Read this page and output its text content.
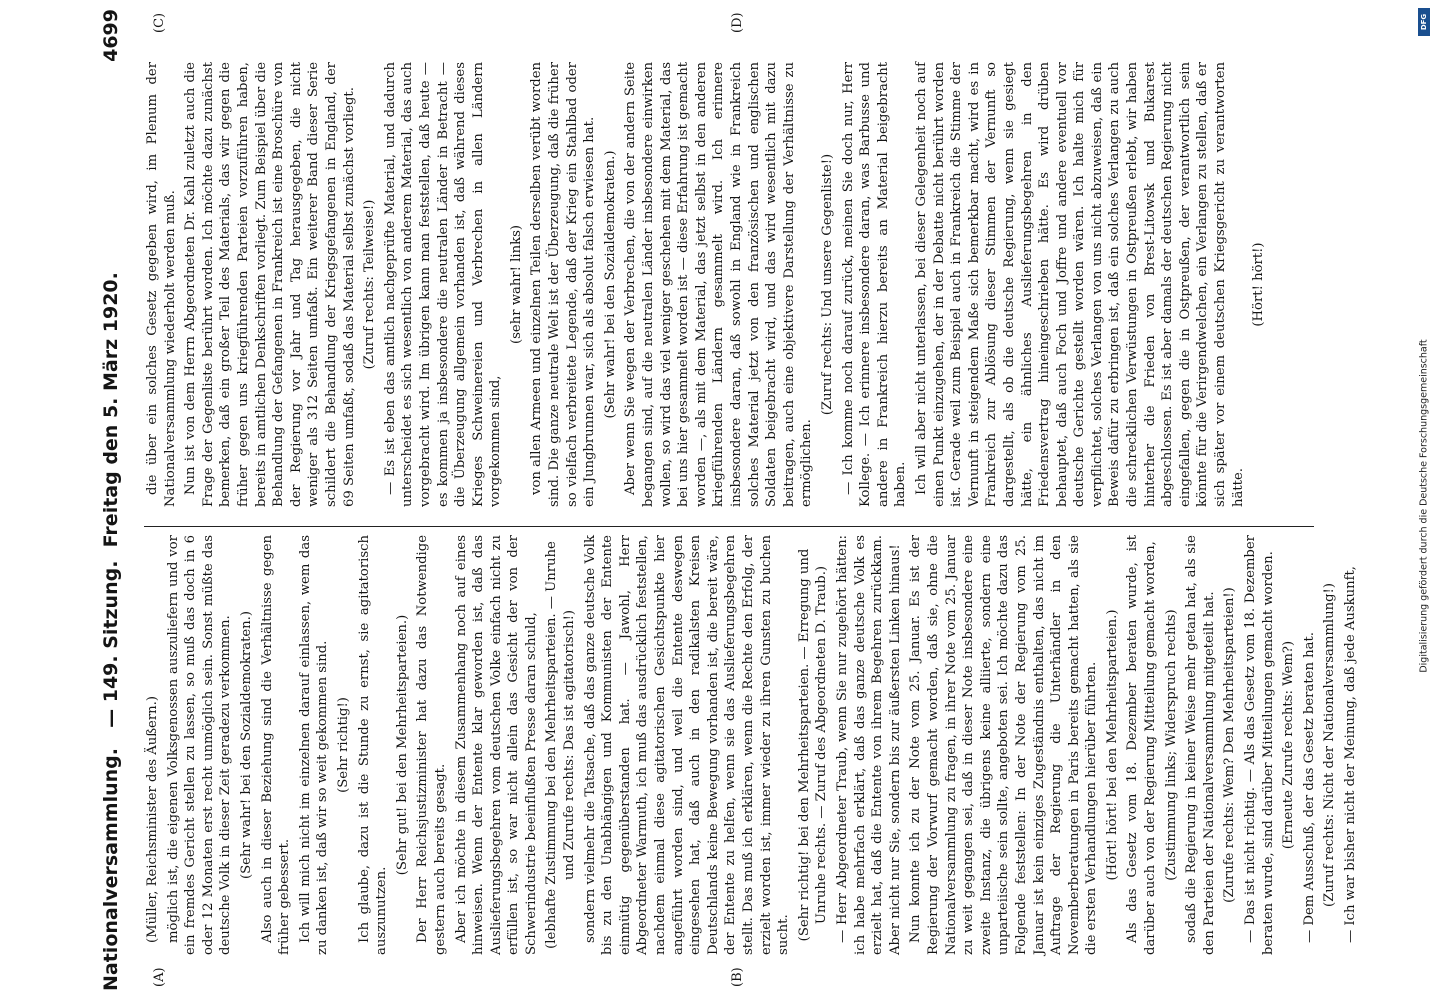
Nationalversammlung.
— 149. Sitzung.  Freitag den 5. März 1920.
4699
(A)	(B)
(C)	(D)

(Müller, Reichsminister des Äußern.) möglich ist, die eigenen Volksgenossen auszuliefern und vor ein fremdes Gericht stellen zu lassen, so muß das doch in 6 oder 12 Monaten erst recht unmöglich sein. Sonst müßte das deutsche Volk in dieser Zeit geradezu verkommen. (Sehr wahr! bei den Sozialdemokraten.) Also auch in dieser Beziehung sind die Verhältnisse gegen früher gebessert. Ich will mich nicht im einzelnen darauf einlassen, wem das zu danken ist, daß wir so weit gekommen sind. (Sehr richtig!) Ich glaube, dazu ist die Stunde zu ernst, sie agitatorisch auszunutzen.

(Sehr gut! bei den Mehrheitsparteien.) Der Herr Reichsjustizminister hat dazu das Notwendige gestern auch bereits gesagt. Aber ich möchte in diesem Zusammenhang noch auf eines hinweisen. Wenn der Entente klar geworden ist, daß das Auslieferungsbegehren vom deutschen Volke einfach nicht zu erfüllen ist, so war nicht allein das Gesicht der von der Schwerindustrie beeinflußten Presse daran schuld, (lebhafte Zustimmung bei den Mehrheitsparteien. — Unruhe und Zurufe rechts: Das ist agitatorisch!) sondern vielmehr die Tatsache, daß das ganze deutsche Volk bis zu den Unabhängigen und Kommunisten der Entente einmütig gegenüberstanden hat. — Jawohl, Herr Abgeordneter Warmuth, ich muß das ausdrücklich feststellen, nachdem einmal diese agitatorischen Gesichtspunkte hier angeführt worden sind, und weil die Entente deswegen eingesehen hat, daß auch in den radikalsten Kreisen Deutschlands keine Bewegung vorhanden ist, die bereit wäre, der Entente zu helfen, wenn sie das Auslieferungsbegehren stellt. Das muß ich erklären, wenn die Rechte den Erfolg, der erzielt worden ist, immer wieder zu ihren Gunsten zu buchen sucht. (Sehr richtig! bei den Mehrheitsparteien. — Erregung und Unruhe rechts. — Zuruf des Abgeordneten D. Traub.) — Herr Abgeordneter Traub, wenn Sie nur zugehört hätten: ich habe mehrfach erklärt, daß das ganze deutsche Volk es erzielt hat, daß die Entente von ihrem Begehren zurückkam. Aber nicht nur Sie, sondern bis zur äußersten Linken hinaus! Nun konnte ich zu der Note vom 25. Januar. Es ist der Regierung der Vorwurf gemacht worden, daß sie, ohne die Nationalversammlung zu fragen, in ihrer Note vom 25. Januar zu weit gegangen sei, daß in dieser Note insbesondere eine zweite Instanz, die übrigens keine alliierte, sondern eine unparteiische sein sollte, angeboten sei. Ich möchte dazu das Folgende feststellen: In der Note der Regierung vom 25. Januar ist kein einziges Zugeständnis enthalten, das nicht im Auftrage der Regierung die Unterhändler in den Novemberberatungen in Paris bereits gemacht hatten, als sie die ersten Verhandlungen hierüber führten. (Hört! hört! bei den Mehrheitsparteien.) Als das Gesetz vom 18. Dezember beraten wurde, ist darüber auch von der Regierung Mitteilung gemacht worden, (Zustimmung links; Widerspruch rechts) sodaß die Regierung in keiner Weise mehr getan hat, als sie den Parteien der Nationalversammlung mitgeteilt hat. (Zurufe rechts: Wem? Den Mehrheitsparteien!) — Das ist nicht richtig. — Als das Gesetz vom 18. Dezember beraten wurde, sind darüber Mitteilungen gemacht worden. (Erneute Zurufe rechts: Wem?) — Dem Ausschuß, der das Gesetz beraten hat. (Zuruf rechts: Nicht der Nationalversammlung!) — Ich war bisher nicht der Meinung, daß jede Auskunft,

die über ein solches Gesetz gegeben wird, im Plenum der Nationalversammlung wiederholt werden muß. Nun ist von dem Herrn Abgeordneten Dr. Kahl zuletzt auch die Frage der Gegenliste berührt worden. Ich möchte dazu zunächst bemerken, daß ein großer Teil des Materials, das wir gegen die früher gegen uns kriegführenden Parteien vorzuführen haben, bereits in amtlichen Denkschriften vorliegt. Zum Beispiel über die Behandlung der Gefangenen in Frankreich ist eine Broschüre von der Regierung vor Jahr und Tag herausgegeben, die nicht weniger als 312 Seiten umfaßt. Ein weiterer Band dieser Serie schildert die Behandlung der Kriegsgefangenen in England, der 69 Seiten umfaßt, sodaß das Material selbst zunächst vorliegt. (Zuruf rechts: Teilweise!) — Es ist eben das amtlich nachgeprüfte Material, und dadurch unterscheidet es sich wesentlich von anderem Material, das auch vorgebracht wird. Im übrigen kann man feststellen, daß heute — es kommen ja insbesondere die neutralen Länder in Betracht — die Überzeugung allgemein vorhanden ist, daß während dieses Krieges Schweinereien und Verbrechen in allen Ländern vorgekommen sind,

(sehr wahr! links) von allen Armeen und einzelnen Teilen derselben verübt worden sind. Die ganze neutrale Welt ist der Überzeugung, daß die früher so vielfach verbreitete Legende, daß der Krieg ein Stahlbad oder ein Jungbrunnen war, sich als absolut falsch erwiesen hat. (Sehr wahr! bei den Sozialdemokraten.) Aber wenn Sie wegen der Verbrechen, die von der andern Seite begangen sind, auf die neutralen Länder insbesondere einwirken wollen, so wird das viel weniger geschehen mit dem Material, das bei uns hier gesammelt worden ist — diese Erfahrung ist gemacht worden —, als mit dem Material, das jetzt selbst in den anderen kriegführenden Ländern gesammelt wird. Ich erinnere insbesondere daran, daß sowohl in England wie in Frankreich solches Material jetzt von den französischen und englischen Soldaten beigebracht wird, und das wird wesentlich mit dazu beitragen, auch eine objektivere Darstellung der Verhältnisse zu ermöglichen.

(Zuruf rechts: Und unsere Gegenliste!) — Ich komme noch darauf zurück, meinen Sie doch nur, Herr Kollege. — Ich erinnere insbesondere daran, was Barbusse und andere in Frankreich hierzu bereits an Material beigebracht haben. Ich will aber nicht unterlassen, bei dieser Gelegenheit noch auf einen Punkt einzugehen, der in der Debatte nicht berührt worden ist. Gerade weil zum Beispiel auch in Frankreich die Stimme der Vernunft in steigendem Maße sich bemerkbar macht, wird es in Frankreich zur Ablösung dieser Stimmen der Vernunft so dargestellt, als ob die deutsche Regierung, wenn sie gesiegt hätte, ein ähnliches Auslieferungsbegehren in den Friedensvertrag hineingeschrieben hätte. Es wird drüben behauptet, daß auch Foch und Joffre und andere eventuell vor deutsche Gerichte gestellt worden wären. Ich halte mich für verpflichtet, solches Verlangen von uns nicht abzuweisen, daß ein Beweis dafür zu erbringen ist, daß ein solches Verlangen zu auch die schrecklichen Verwüstungen in Ostpreußen erlebt, wir haben hinterher die Frieden von Brest-Litowsk und Bukarest abgeschlossen. Es ist aber damals der deutschen Regierung nicht eingefallen, gegen die in Ostpreußen, der verantwortlich sein könnte für die Verirgendwelchen, ein Verlangen zu stellen, daß er sich später vor einem deutschen Kriegsgericht zu verantworten hätte.

(Hört! hört!)

Digitalisierung gefördert durch die Deutsche Forschungsgemeinschaft
DFG
